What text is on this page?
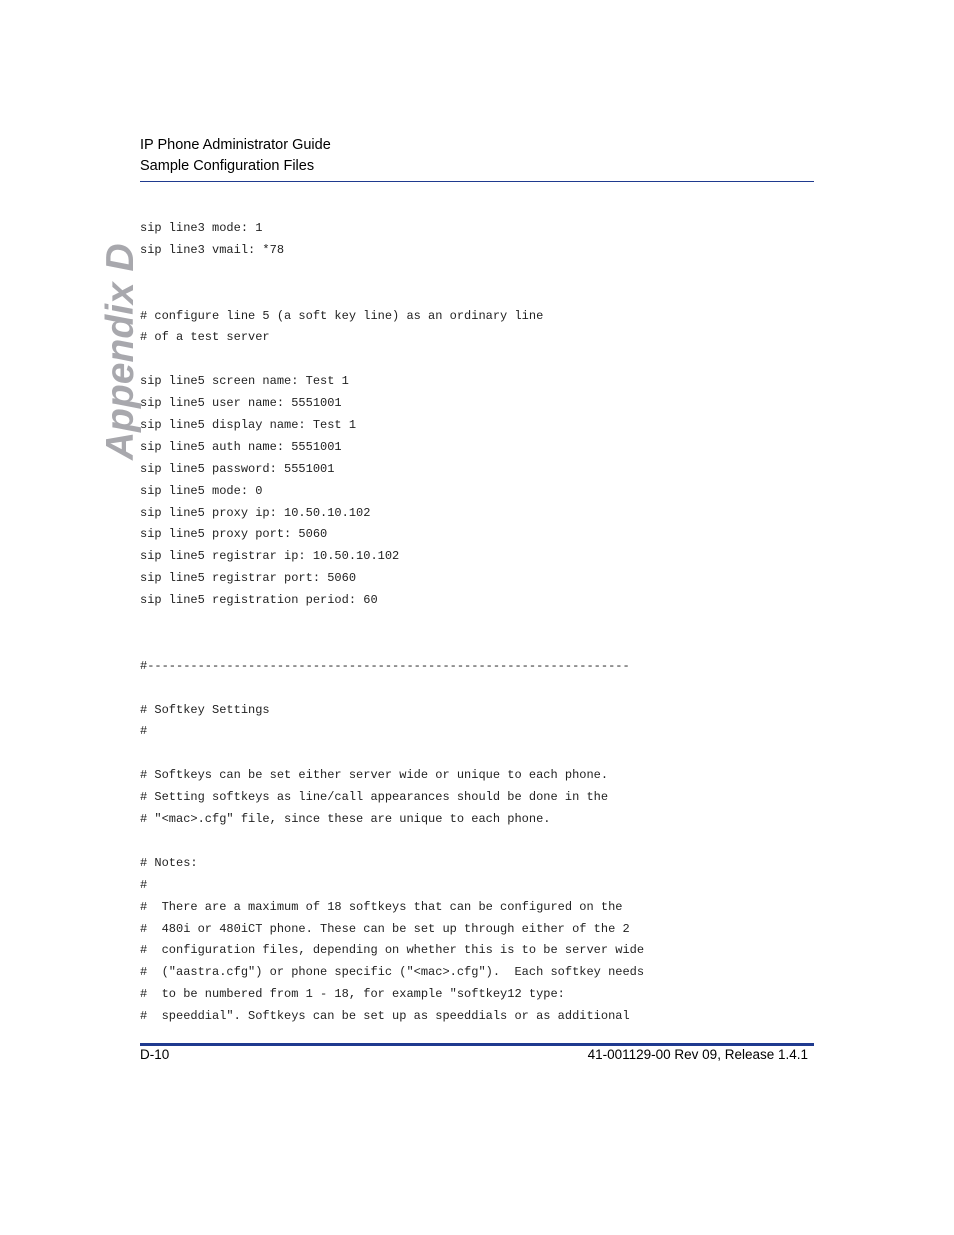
IP Phone Administrator Guide
Sample Configuration Files
Appendix D
sip line3 mode: 1
sip line3 vmail: *78
# configure line 5 (a soft key line) as an ordinary line
# of a test server
sip line5 screen name: Test 1
sip line5 user name: 5551001
sip line5 display name: Test 1
sip line5 auth name: 5551001
sip line5 password: 5551001
sip line5 mode: 0
sip line5 proxy ip: 10.50.10.102
sip line5 proxy port: 5060
sip line5 registrar ip: 10.50.10.102
sip line5 registrar port: 5060
sip line5 registration period: 60
#-------------------------------------------------------------------
# Softkey Settings
#
# Softkeys can be set either server wide or unique to each phone.
# Setting softkeys as line/call appearances should be done in the
# "<mac>.cfg" file, since these are unique to each phone.
# Notes:
#
#  There are a maximum of 18 softkeys that can be configured on the
#  480i or 480iCT phone. These can be set up through either of the 2
#  configuration files, depending on whether this is to be server wide
#  ("aastra.cfg") or phone specific ("<mac>.cfg").  Each softkey needs
#  to be numbered from 1 - 18, for example "softkey12 type:
#  speeddial". Softkeys can be set up as speeddials or as additional
D-10	41-001129-00 Rev 09, Release 1.4.1
